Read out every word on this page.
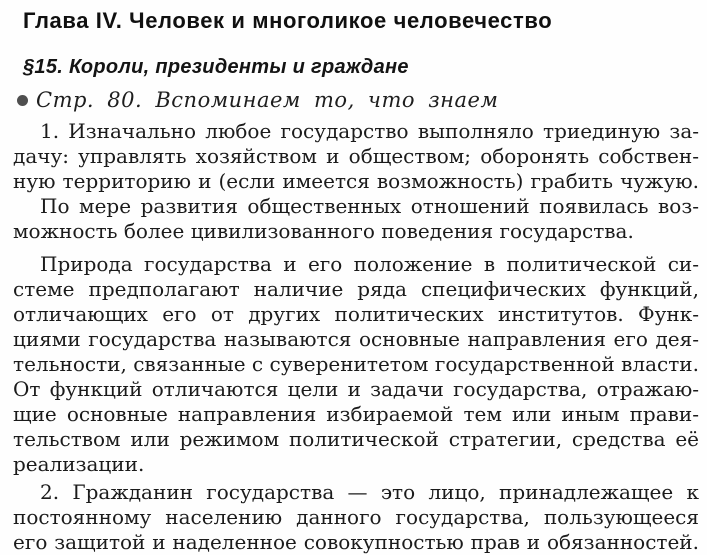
Глава IV. Человек и многоликое человечество
§15. Короли, президенты и граждане
Стр. 80. Вспоминаем то, что знаем
1. Изначально любое государство выполняло триединую за-
дачу: управлять хозяйством и обществом; оборонять собствен-
ную территорию и (если имеется возможность) грабить чужую.
По мере развития общественных отношений появилась воз-
можность более цивилизованного поведения государства.
Природа государства и его положение в политической си-
стеме предполагают наличие ряда специфических функций,
отличающих его от других политических институтов. Функ-
циями государства называются основные направления его дея-
тельности, связанные с суверенитетом государственной власти.
От функций отличаются цели и задачи государства, отражаю-
щие основные направления избираемой тем или иным прави-
тельством или режимом политической стратегии, средства её
реализации.
2. Гражданин государства — это лицо, принадлежащее к
постоянному населению данного государства, пользующееся
его защитой и наделенное совокупностью прав и обязанностей.
